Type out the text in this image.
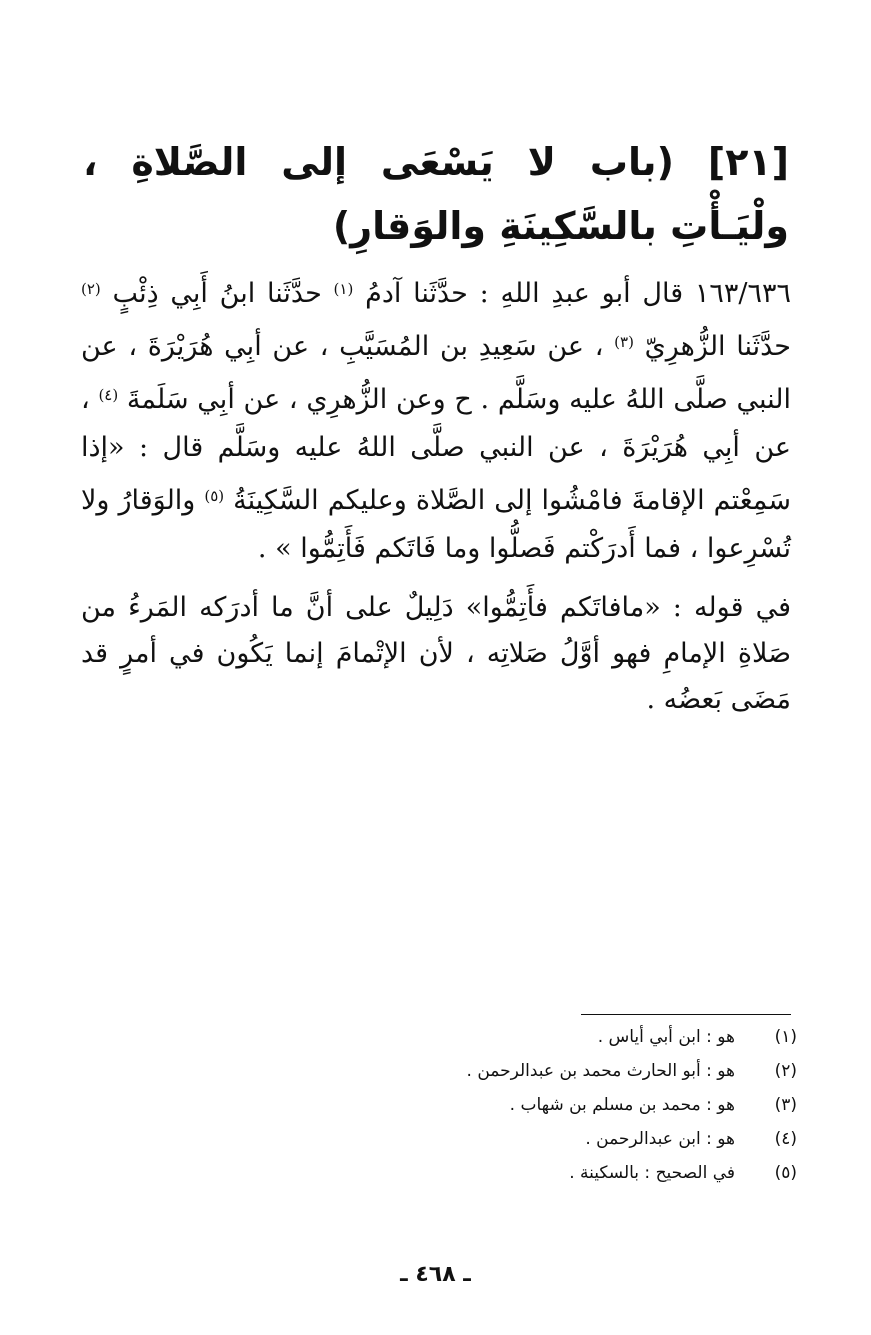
[٢١] (باب لا يَسْعَى إلى الصَّلاةِ ، ولْيَـأْتِ بالسَّكِينَةِ والوَقارِ)

١٦٣/٦٣٦ قال أبو عبدِ اللهِ : حدَّثَنا آدمُ $^{(١)}$ حدَّثَنا ابنُ أَبِي ذِئْبٍ $^{(٢)}$ حدَّثَنا الزُّهرِيّ $^{(٣)}$ ، عن سَعِيدِ بن المُسَيَّبِ ، عن أبِي هُرَيْرَةَ ، عن النبي صلَّى اللهُ عليه وسَلَّم . ح وعن الزُّهرِي ، عن أبِي سَلَمةَ $^{(٤)}$ ، عن أبِي هُرَيْرَةَ ، عن النبي صلَّى اللهُ عليه وسَلَّم قال : «إذا سَمِعْتم الإقامةَ فامْشُوا إلى الصَّلاة وعليكم السَّكِينَةُ $^{(٥)}$ والوَقارُ ولا تُسْرِعوا ، فما أَدرَكْتم فَصلُّوا وما فَاتَكم فَأَتِمُّوا » .

في قوله : «مافاتَكم فأَتِمُّوا» دَلِيلٌ على أنَّ ما أدرَكه المَرءُ من صَلاةِ الإمامِ فهو أوَّلُ صَلاتِه ، لأن الإتْمامَ إنما يَكُون في أمرٍ قد مَضَى بَعضُه .

(١)
هو : ابن أبي أياس .
(٢)
هو : أبو الحارث محمد بن عبدالرحمن .
(٣)
هو : محمد بن مسلم بن شهاب .
(٤)
هو : ابن عبدالرحمن .
(٥)
في الصحيح : بالسكينة .
ـ ٤٦٨ ـ
